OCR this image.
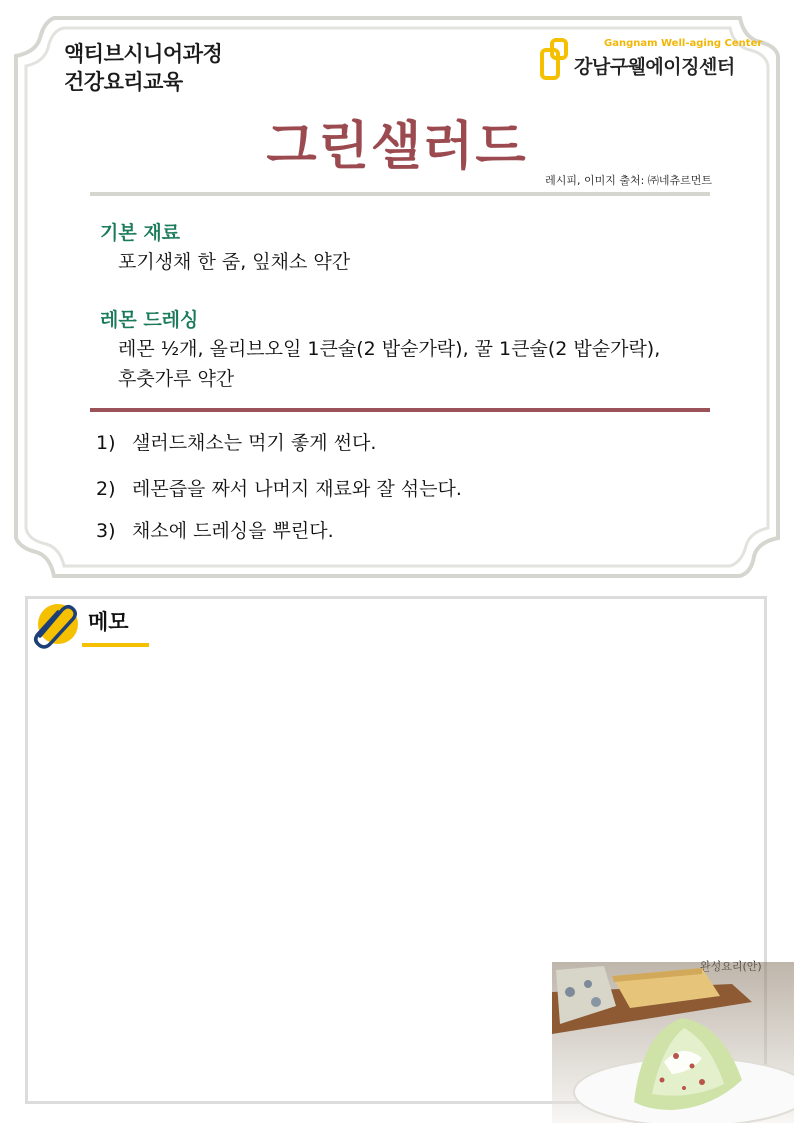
액티브시니어과정
건강요리교육
Gangnam Well-aging Center
강남구웰에이징센터
그린샐러드
레시피, 이미지 출처: ㈜네츄르먼트
기본 재료
포기생채 한 줌, 잎채소 약간
레몬 드레싱
레몬 ½개, 올리브오일 1큰술(2 밥숟가락), 꿀 1큰술(2 밥숟가락),
후춧가루 약간
1) 샐러드채소는 먹기 좋게 썬다.
2) 레몬즙을 짜서 나머지 재료와 잘 섞는다.
3) 채소에 드레싱을 뿌린다.
메모
